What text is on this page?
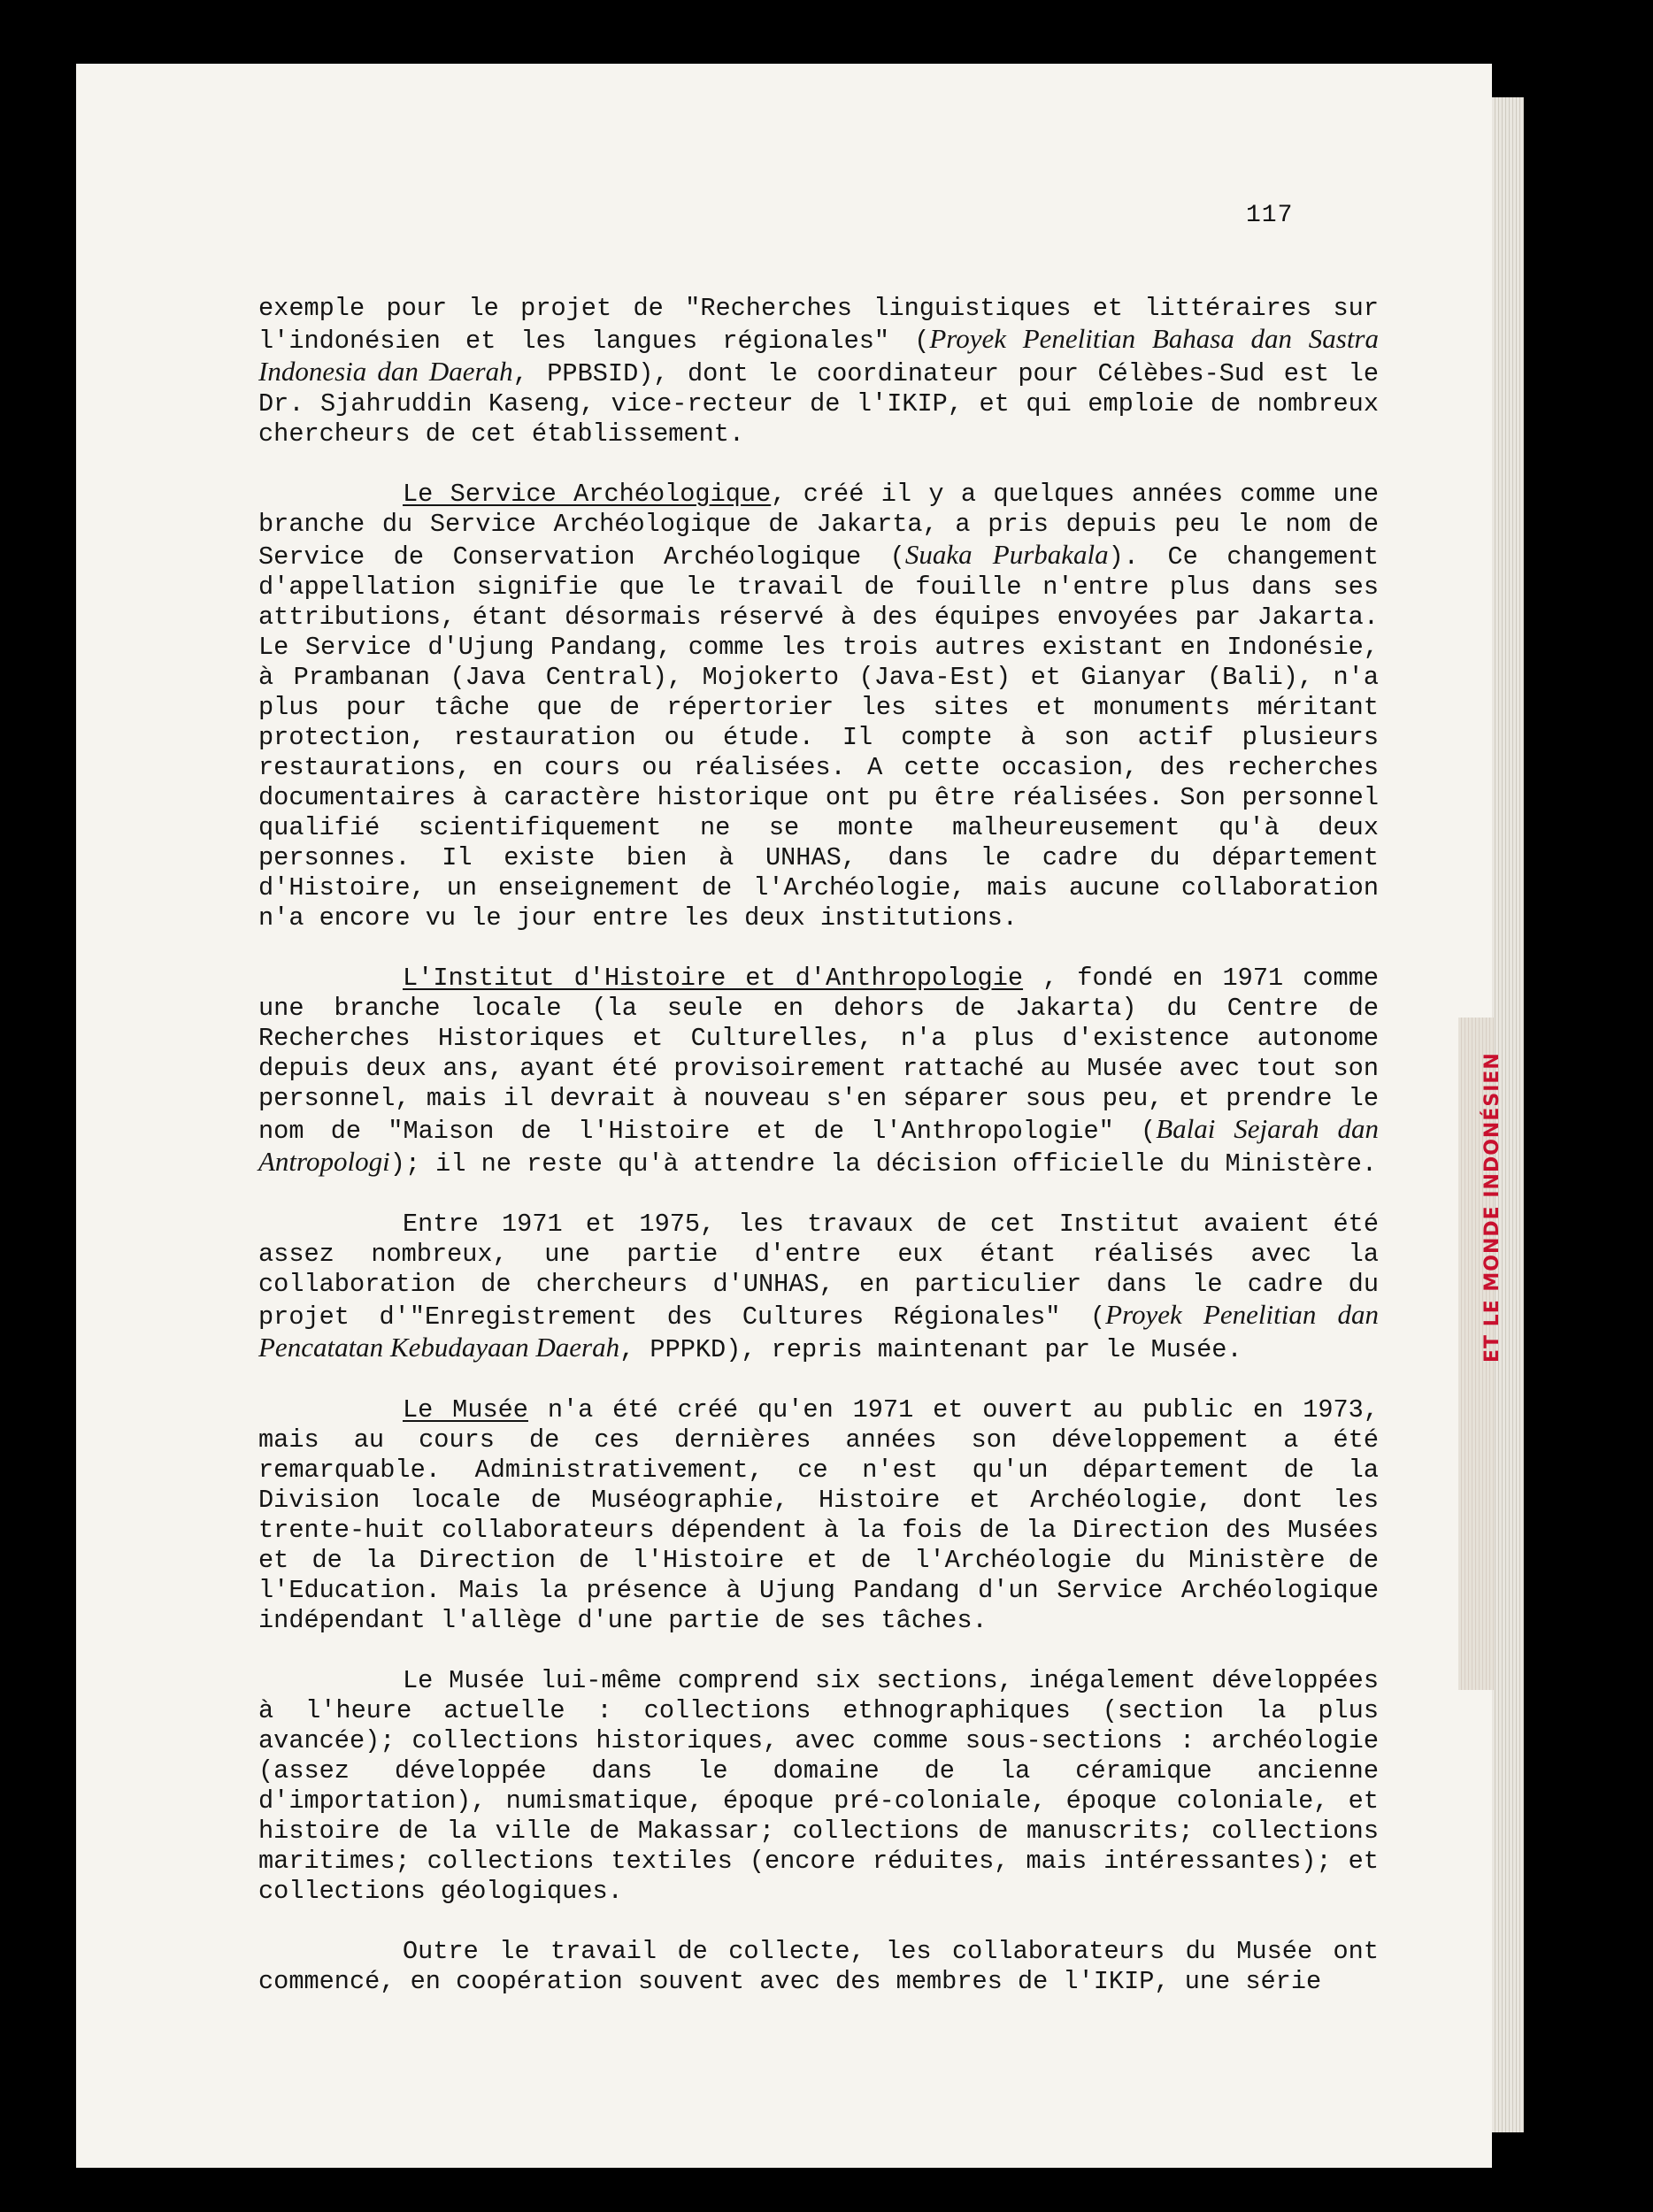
ET LE MONDE INDONÉSIEN
117

exemple pour le projet de "Recherches linguistiques et littéraires sur l'indonésien et les langues régionales" (Proyek Penelitian Bahasa dan Sastra Indonesia dan Daerah, PPBSID), dont le coordinateur pour Célèbes-Sud est le Dr. Sjahruddin Kaseng, vice-recteur de l'IKIP, et qui emploie de nombreux chercheurs de cet établissement.

Le Service Archéologique, créé il y a quelques années comme une branche du Service Archéologique de Jakarta, a pris depuis peu le nom de Service de Conservation Archéologique (Suaka Purbakala). Ce changement d'appellation signifie que le travail de fouille n'entre plus dans ses attributions, étant désormais réservé à des équipes envoyées par Jakarta. Le Service d'Ujung Pandang, comme les trois autres existant en Indonésie, à Prambanan (Java Central), Mojokerto (Java-Est) et Gianyar (Bali), n'a plus pour tâche que de répertorier les sites et monuments méritant protection, restauration ou étude. Il compte à son actif plusieurs restaurations, en cours ou réalisées. A cette occasion, des recherches documentaires à caractère historique ont pu être réalisées. Son personnel qualifié scientifiquement ne se monte malheureusement qu'à deux personnes. Il existe bien à UNHAS, dans le cadre du département d'Histoire, un enseignement de l'Archéologie, mais aucune collaboration n'a encore vu le jour entre les deux institutions.

L'Institut d'Histoire et d'Anthropologie , fondé en 1971 comme une branche locale (la seule en dehors de Jakarta) du Centre de Recherches Historiques et Culturelles, n'a plus d'existence autonome depuis deux ans, ayant été provisoirement rattaché au Musée avec tout son personnel, mais il devrait à nouveau s'en séparer sous peu, et prendre le nom de "Maison de l'Histoire et de l'Anthropologie" (Balai Sejarah dan Antropologi); il ne reste qu'à attendre la décision officielle du Ministère.

Entre 1971 et 1975, les travaux de cet Institut avaient été assez nombreux, une partie d'entre eux étant réalisés avec la collaboration de chercheurs d'UNHAS, en particulier dans le cadre du projet d'"Enregistrement des Cultures Régionales" (Proyek Penelitian dan Pencatatan Kebudayaan Daerah, PPPKD), repris maintenant par le Musée.

Le Musée n'a été créé qu'en 1971 et ouvert au public en 1973, mais au cours de ces dernières années son développement a été remarquable. Administrativement, ce n'est qu'un département de la Division locale de Muséographie, Histoire et Archéologie, dont les trente-huit collaborateurs dépendent à la fois de la Direction des Musées et de la Direction de l'Histoire et de l'Archéologie du Ministère de l'Education. Mais la présence à Ujung Pandang d'un Service Archéologique indépendant l'allège d'une partie de ses tâches.

Le Musée lui-même comprend six sections, inégalement développées à l'heure actuelle : collections ethnographiques (section la plus avancée); collections historiques, avec comme sous-sections : archéologie (assez développée dans le domaine de la céramique ancienne d'importation), numismatique, époque pré-coloniale, époque coloniale, et histoire de la ville de Makassar; collections de manuscrits; collections maritimes; collections textiles (encore réduites, mais intéressantes); et collections géologiques.

Outre le travail de collecte, les collaborateurs du Musée ont commencé, en coopération souvent avec des membres de l'IKIP, une série
